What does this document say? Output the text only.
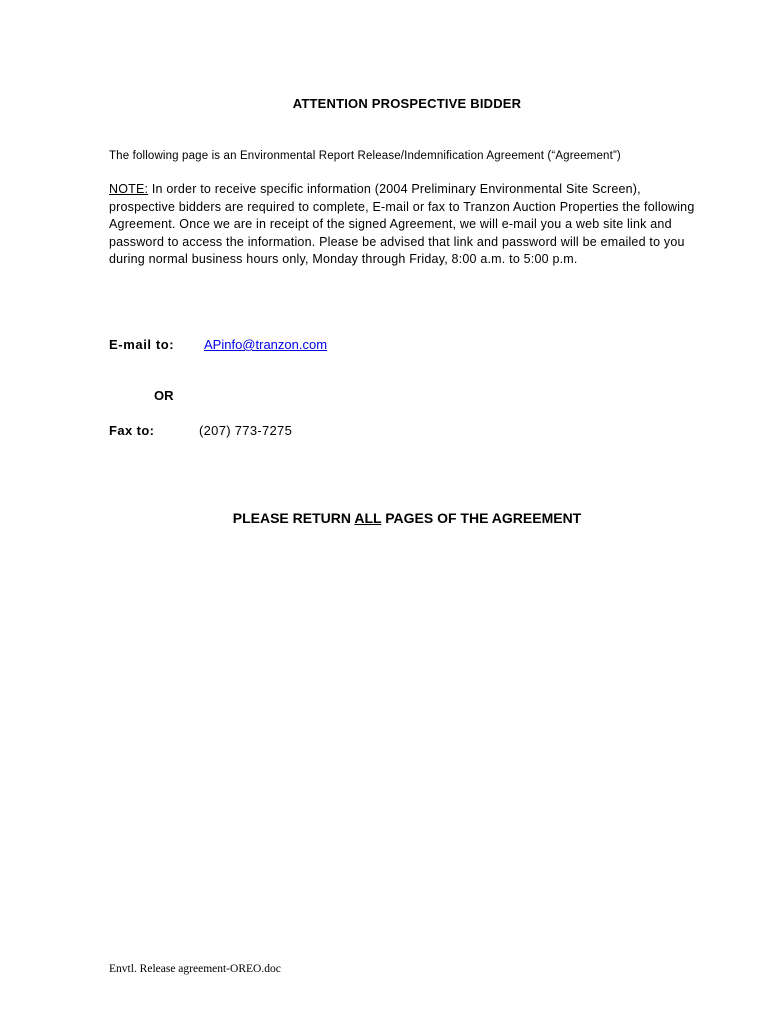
ATTENTION PROSPECTIVE BIDDER
The following page is an Environmental Report Release/Indemnification Agreement (“Agreement”)
NOTE: In order to receive specific information (2004 Preliminary Environmental Site Screen), prospective bidders are required to complete, E-mail or fax to Tranzon Auction Properties the following Agreement. Once we are in receipt of the signed Agreement, we will e-mail you a web site link and password to access the information. Please be advised that link and password will be emailed to you during normal business hours only, Monday through Friday, 8:00 a.m. to 5:00 p.m.
E-mail to: APinfo@tranzon.com
OR
Fax to:	(207) 773-7275
PLEASE RETURN ALL PAGES OF THE AGREEMENT
Envtl. Release agreement-OREO.doc
